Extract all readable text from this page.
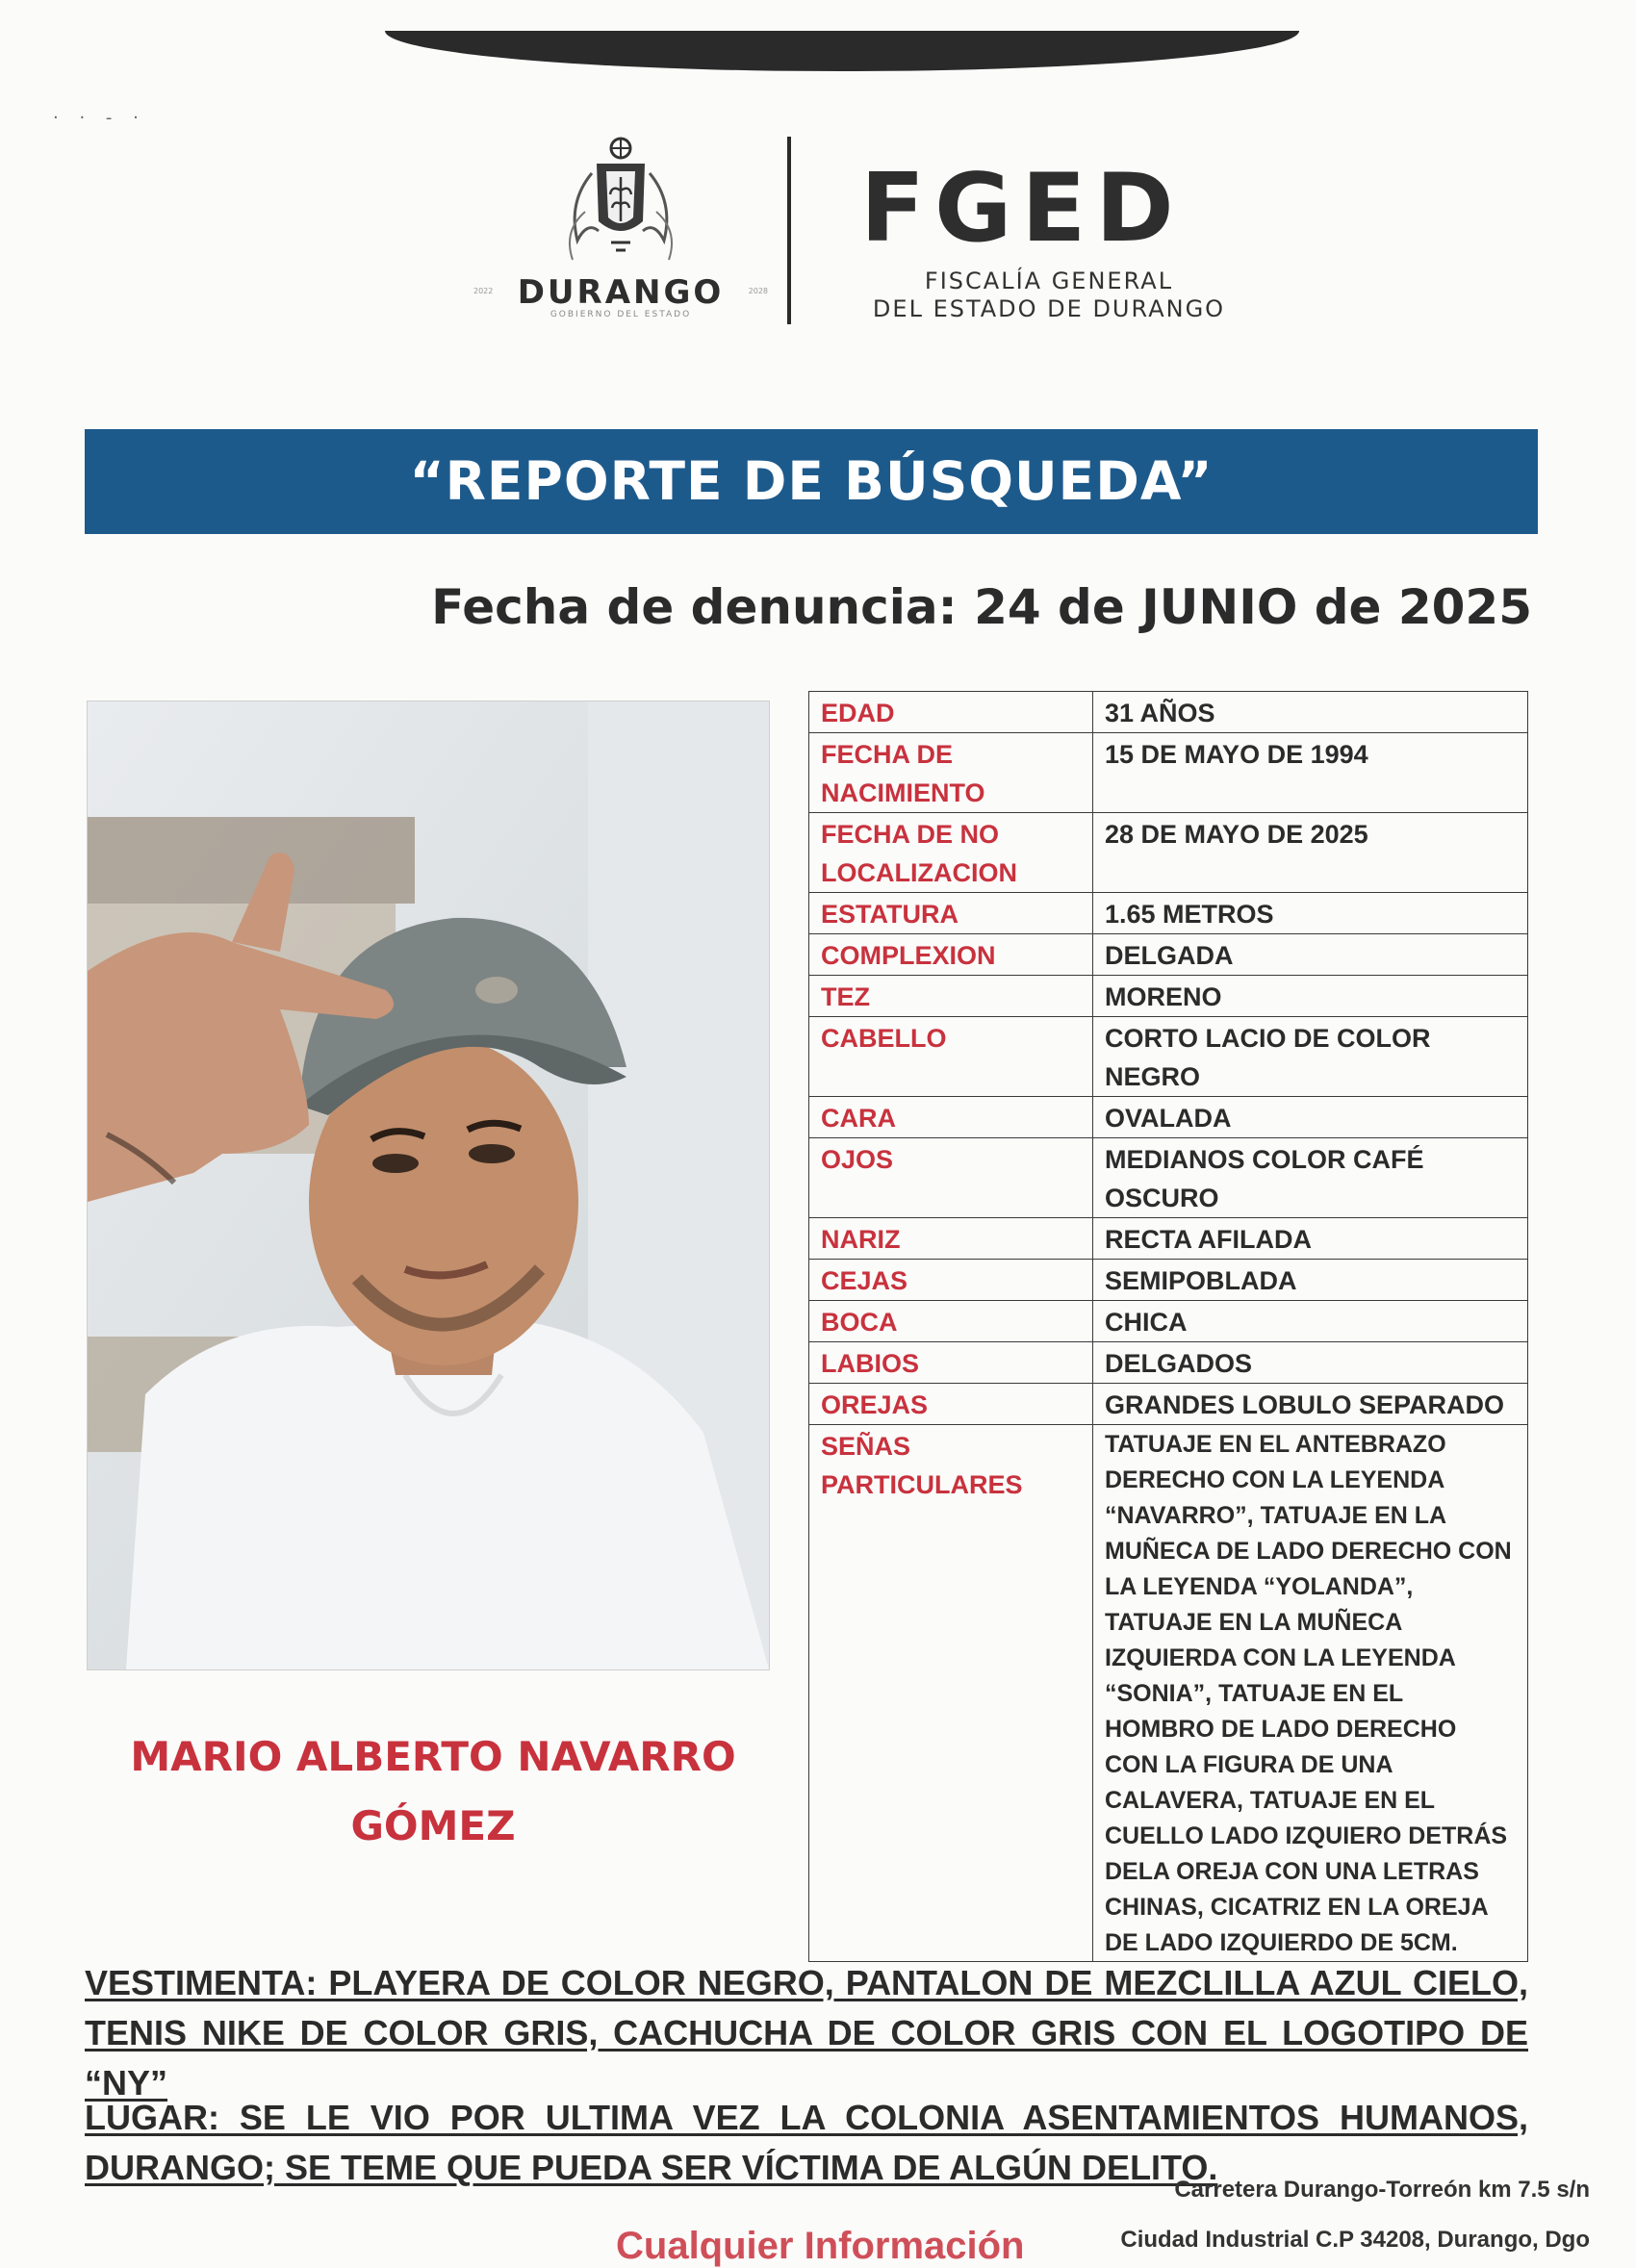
· · ‑ ·
2022	2028
DURANGO
GOBIERNO DEL ESTADO
FGED
FISCALÍA GENERAL
DEL ESTADO DE DURANGO
“REPORTE DE BÚSQUEDA”
Fecha de denuncia: 24 de JUNIO de 2025
MARIO ALBERTO NAVARRO
GÓMEZ
EDAD	31 AÑOS
FECHA DE NACIMIENTO	15 DE MAYO DE 1994
FECHA DE NO LOCALIZACION	28 DE MAYO DE 2025
ESTATURA	1.65 METROS
COMPLEXION	DELGADA
TEZ	MORENO
CABELLO	CORTO LACIO DE COLOR NEGRO
CARA	OVALADA
OJOS	MEDIANOS COLOR CAFÉ OSCURO
NARIZ	RECTA AFILADA
CEJAS	SEMIPOBLADA
BOCA	CHICA
LABIOS	DELGADOS
OREJAS	GRANDES LOBULO SEPARADO
SEÑAS PARTICULARES	TATUAJE EN EL ANTEBRAZO DERECHO CON LA LEYENDA “NAVARRO”, TATUAJE EN LA MUÑECA DE LADO DERECHO CON LA LEYENDA “YOLANDA”, TATUAJE EN LA MUÑECA IZQUIERDA CON LA LEYENDA “SONIA”, TATUAJE EN EL HOMBRO DE LADO DERECHO CON LA FIGURA DE UNA CALAVERA, TATUAJE EN EL CUELLO LADO IZQUIERO DETRÁS DELA OREJA CON UNA LETRAS CHINAS, CICATRIZ EN LA OREJA DE LADO IZQUIERDO DE 5CM.
VESTIMENTA: PLAYERA DE COLOR NEGRO, PANTALON DE MEZCLILLA AZUL CIELO, TENIS NIKE DE COLOR GRIS, CACHUCHA DE COLOR GRIS CON EL LOGOTIPO DE “NY”
LUGAR: SE LE VIO POR ULTIMA VEZ LA COLONIA ASENTAMIENTOS HUMANOS, DURANGO; SE TEME QUE PUEDA SER VÍCTIMA DE ALGÚN DELITO.
Carretera Durango-Torreón km 7.5 s/n
Ciudad Industrial C.P 34208, Durango, Dgo
Cualquier Información
